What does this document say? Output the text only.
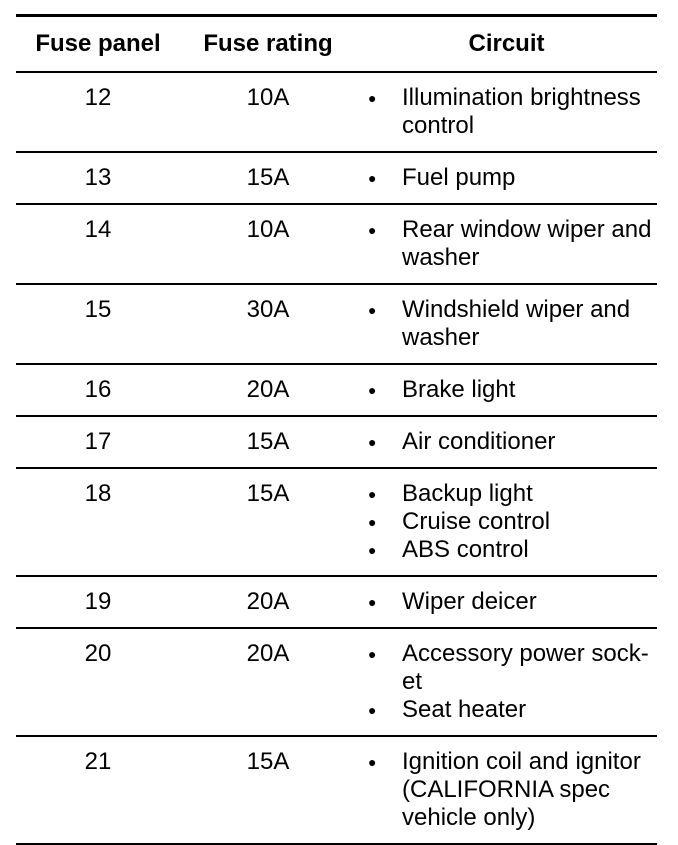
Fuse panel	Fuse rating	Circuit
12	10A	●	Illumination brightness
control
13	15A	●	Fuel pump
14	10A	●	Rear window wiper and
washer
15	30A	●	Windshield wiper and
washer
16	20A	●	Brake light
17	15A	●	Air conditioner
18	15A	●	Backup light
●	Cruise control
●	ABS control
19	20A	●	Wiper deicer
20	20A	●	Accessory power sock-
et
●	Seat heater
21	15A	●	Ignition coil and ignitor
(CALIFORNIA spec
vehicle only)
